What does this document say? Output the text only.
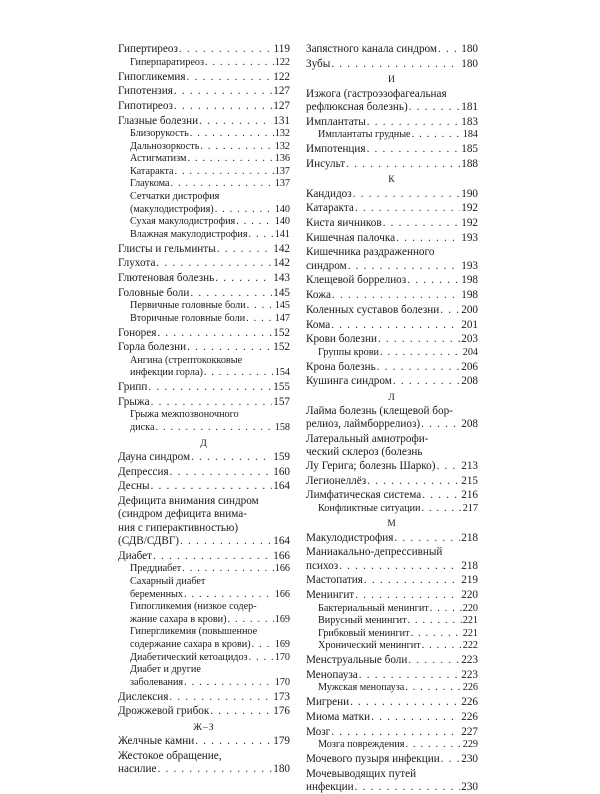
Гипертиреоз . . .	119
Гиперпаратиреоз . . .	122
Гипогликемия . . .	122
Гипотензия . . .	127
Гипотиреоз . . .	127
Глазные болезни . . .	131
Близорукость . . .	132
Дальнозоркость . . .	132
Астигматизм . . .	136
Катаракта . . .	137
Глаукома . . .	137
Сетчатки дистрофия
(макулодистрофия) . . .	140
Сухая макулодистрофия . . .	140
Влажная макулодистрофия . . .	141
Глисты и гельминты . . .	142
Глухота . . .	142
Глютеновая болезнь . . .	143
Головные боли . . .	145
Первичные головные боли . . .	145
Вторичные головные боли . . .	147
Гонорея . . .	152
Горла болезни . . .	152
Ангина (стрептококковые
инфекции горла) . . .	154
Грипп . . .	155
Грыжа . . .	157
Грыжа межпозвоночного
диска . . .	158
Д
Дауна синдром . . .	159
Депрессия . . .	160
Десны . . .	164
Дефицита внимания синдром
(синдром дефицита внима-
ния с гиперактивностью)
(СДВ/СДВГ) . . .	164
Диабет . . .	166
Преддиабет . . .	166
Сахарный диабет
беременных . . .	166
Гипогликемия (низкое содер-
жание сахара в крови) . . .	169
Гипергликемия (повышенное
содержание сахара в крови) . . . 169
Диабетический кетоацидоз . . .	170
Диабет и другие
заболевания . . .	170
Дислексия . . .	173
Дрожжевой грибок . . .	176
Ж–З
Желчные камни . . .	179
Жестокое обращение,
насилие . . .	180
Запястного канала синдром . . . 180
Зубы . . .	180
И
Изжога (гастроэзофагеальная
рефлюксная болезнь) . . .	181
Имплантаты . . .	183
Имплантаты грудные . . .	184
Импотенция . . .	185
Инсульт . . .	188
К
Кандидоз . . .	190
Катаракта . . .	192
Киста яичников . . .	192
Кишечная палочка . . .	193
Кишечника раздраженного
синдром . . .	193
Клещевой боррелиоз . . .	198
Кожа . . .	198
Коленных суставов болезни . . . 200
Кома . . .	201
Крови болезни . . .	203
Группы крови . . .	204
Крона болезнь . . .	206
Кушинга синдром . . .	208
Л
Лайма болезнь (клещевой бор-
релиоз, лаймборрелиоз) . . .	208
Латеральный амиотрофи-
ческий склероз (болезнь
Лу Герига; болезнь Шарко) . . . 213
Легионеллёз . . .	215
Лимфатическая система . . .	216
Конфликтные ситуации . . .	217
М
Макулодистрофия . . .	218
Маниакально-депрессивный
психоз . . .	218
Мастопатия . . .	219
Менингит . . .	220
Бактериальный менингит . . .	220
Вирусный менингит . . .	221
Грибковый менингит . . .	221
Хронический менингит . . .	222
Менструальные боли . . .	223
Менопауза . . .	223
Мужская менопауза . . .	226
Мигрени . . .	226
Миома матки . . .	226
Мозг . . .	227
Мозга повреждения . . .	229
Мочевого пузыря инфекции . . . 230
Мочевыводящих путей
инфекции . . .	230
